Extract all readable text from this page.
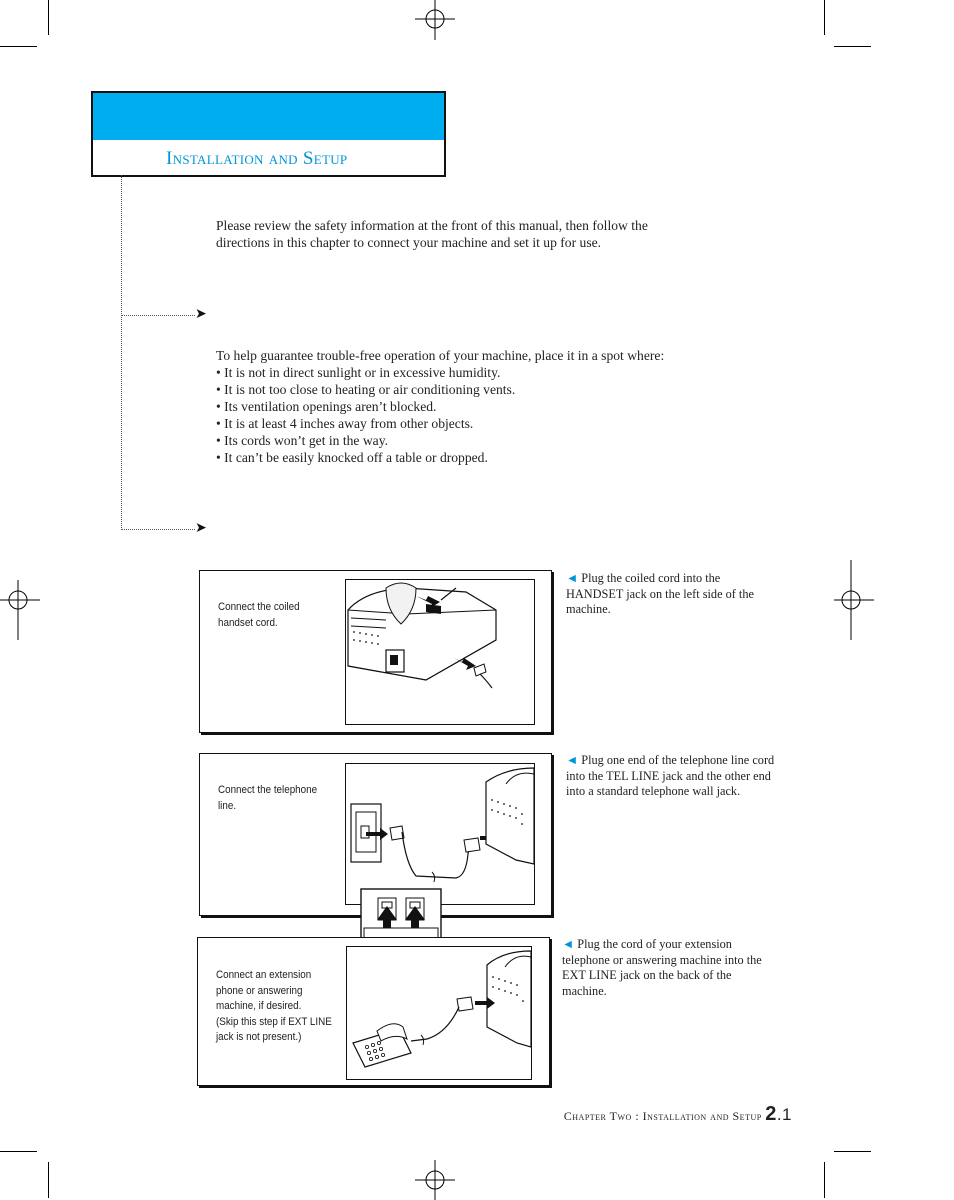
Installation and Setup
➤
➤
Please review the safety information at the front of this manual, then follow the
directions in this chapter to connect your machine and set it up for use.
To help guarantee trouble-free operation of your machine, place it in a spot where:
• It is not in direct sunlight or in excessive humidity.
• It is not too close to heating or air conditioning vents.
• Its ventilation openings aren’t blocked.
• It is at least 4 inches away from other objects.
• Its cords won’t get in the way.
• It can’t be easily knocked off a table or dropped.
Connect the coiled
handset cord.
◄ Plug the coiled cord into the HANDSET jack on the left side of the machine.
Connect the telephone
line.
◄ Plug one end of the telephone line cord into the TEL LINE jack and the other end into a standard telephone wall jack.
Connect an extension
phone or answering
machine, if desired.
(Skip this step if EXT LINE
jack is not present.)
◄ Plug the cord of your extension telephone or answering machine into the EXT LINE jack on the back of the machine.
Chapter Two : Installation and Setup 2.1
